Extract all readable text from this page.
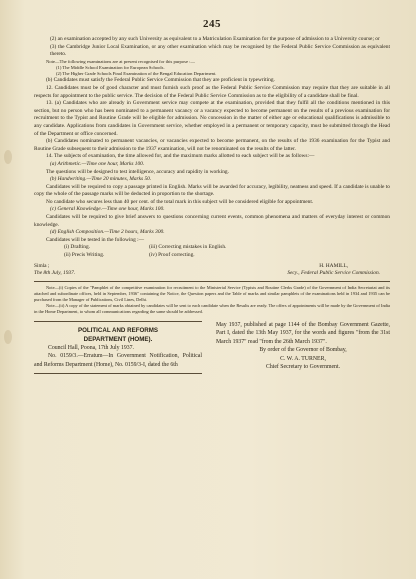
245

(2) an examination accepted by any such University as equivalent to a Matriculation Examination for the purpose of admission to a University course; or

(3) the Cambridge Junior Local Examination, or any other examination which may be recognised by the Federal Public Service Commission as equivalent thereto.

Note—The following examinations are at present recognised for this purpose :—

(1) The Middle School Examination for European Schools.

(2) The Higher Grade Schools Final Examination of the Bengal Education Department.

(b) Candidates must satisfy the Federal Public Service Commission that they are proficient in typewriting.

12. Candidates must be of good character and must furnish such proof as the Federal Public Service Commission may require that they are suitable in all respects for appointment to the public service. The decision of the Federal Public Service Commission as to the eligibility of a candidate shall be final.

13. (a) Candidates who are already in Government service may compete at the examination, provided that they fulfil all the conditions mentioned in this section, but no person who has been nominated to a permanent vacancy or a vacancy expected to become permanent on the results of a previous examination for recruitment to the Typist and Routine Grade will be eligible for admission. No concession in the matter of either age or educational qualifications is admissible to any candidate. Applications from candidates in Government service, whether employed in a permanent or temporary capacity, must be submitted through the Head of the Department or office concerned.

(b) Candidates nominated to permanent vacancies, or vacancies expected to become permanent, on the results of the 1936 examination for the Typist and Routine Grade subsequent to their admission to the 1937 examination, will not be renominated on the results of the latter.

14. The subjects of examination, the time allowed for, and the maximum marks allotted to each subject will be as follows:—

(a) Arithmetic.—Time one hour, Marks 100.

The questions will be designed to test intelligence, accuracy and rapidity in working.

(b) Handwriting.—Time 20 minutes, Marks 50.

Candidates will be required to copy a passage printed in English. Marks will be awarded for accuracy, legibility, neatness and speed. If a candidate is unable to copy the whole of the passage marks will be deducted in proportion to the shortage.

No candidate who secures less than 40 per cent. of the total mark in this subject will be considered eligible for appointment.

(c) General Knowledge.—Time one hour, Marks 100.

Candidates will be required to give brief answers to questions concerning current events, common phenomena and matters of everyday interest or common knowledge.

(d) English Composition.—Time 2 hours, Marks 300.

Candidates will be tested in the following :—

(i) Drafting.	(iii) Correcting mistakes in English.
(ii) Precis Writing.	(iv) Proof correcting.
Simla ;
The 8th July, 1937.
H. HAMILL,
Secy., Federal Public Service Commission.

Note—(i) Copies of the "Pamphlet of the competitive examination for recruitment to the Ministerial Service (Typists and Routine Clerks Grade) of the Government of India Secretariat and its attached and subordinate offices, held in September, 1936" containing the Notice, the Question papers and the Table of marks and similar pamphlets of the examinations held in 1934 and 1935 can be purchased from the Manager of Publications, Civil Lines, Delhi.

Note—(ii) A copy of the statement of marks obtained by candidates will be sent to each candidate when the Results are ready. The offers of appointments will be made by the Government of India in the Home Department, to whom all communications regarding the same should be addressed.

POLITICAL AND REFORMS
DEPARTMENT (HOME).

Council Hall, Poona, 17th July 1937.

No. 0159/3.—Erratum—In Government Notification, Political and Reforms Department (Home), No. 0159/3-I, dated the 6th

May 1937, published at page 1144 of the Bombay Government Gazette, Part I, dated the 13th May 1937, for the words and figures "from the 31st March 1937" read "from the 26th March 1937".

By order of the Governor of Bombay,
C. W. A. TURNER,
Chief Secretary to Government.
